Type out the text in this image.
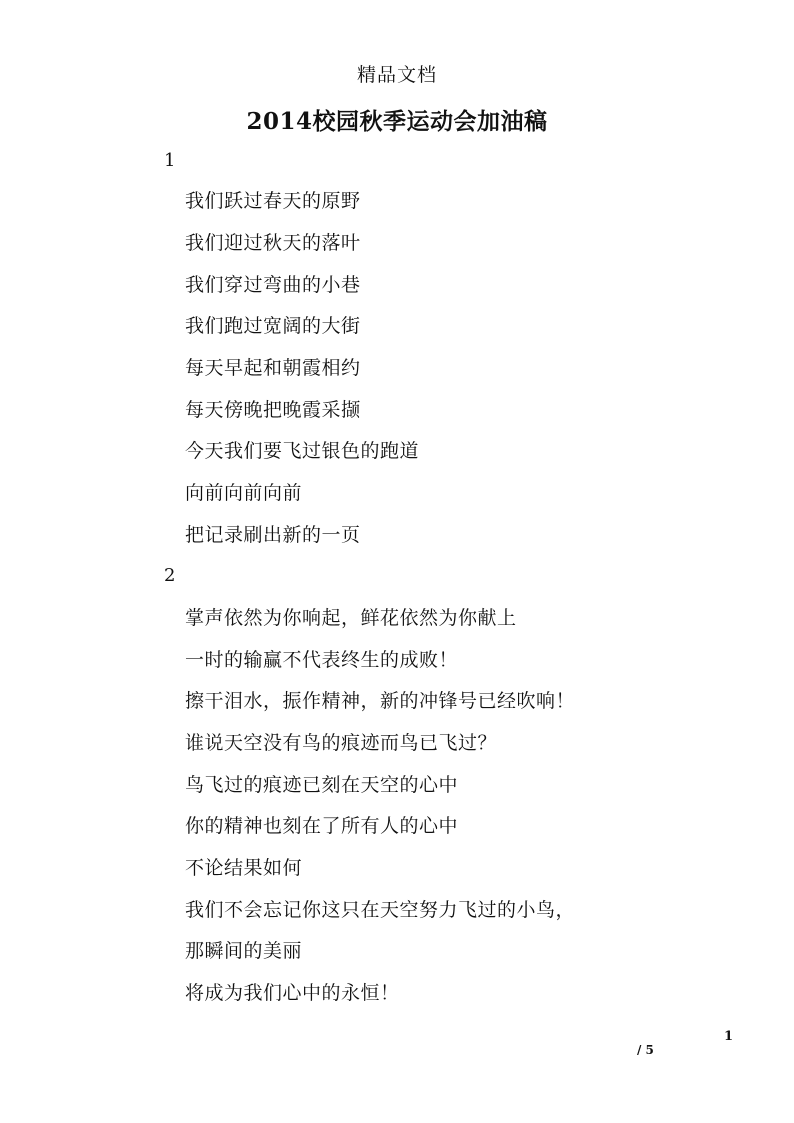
精品文档
2014校园秋季运动会加油稿
1
我们跃过春天的原野
我们迎过秋天的落叶
我们穿过弯曲的小巷
我们跑过宽阔的大街
每天早起和朝霞相约
每天傍晚把晚霞采撷
今天我们要飞过银色的跑道
向前向前向前
把记录刷出新的一页
2
掌声依然为你响起，鲜花依然为你献上
一时的输赢不代表终生的成败！
擦干泪水，振作精神，新的冲锋号已经吹响！
谁说天空没有鸟的痕迹而鸟已飞过？
鸟飞过的痕迹已刻在天空的心中
你的精神也刻在了所有人的心中
不论结果如何
我们不会忘记你这只在天空努力飞过的小鸟，
那瞬间的美丽
将成为我们心中的永恒！
1
/ 5
